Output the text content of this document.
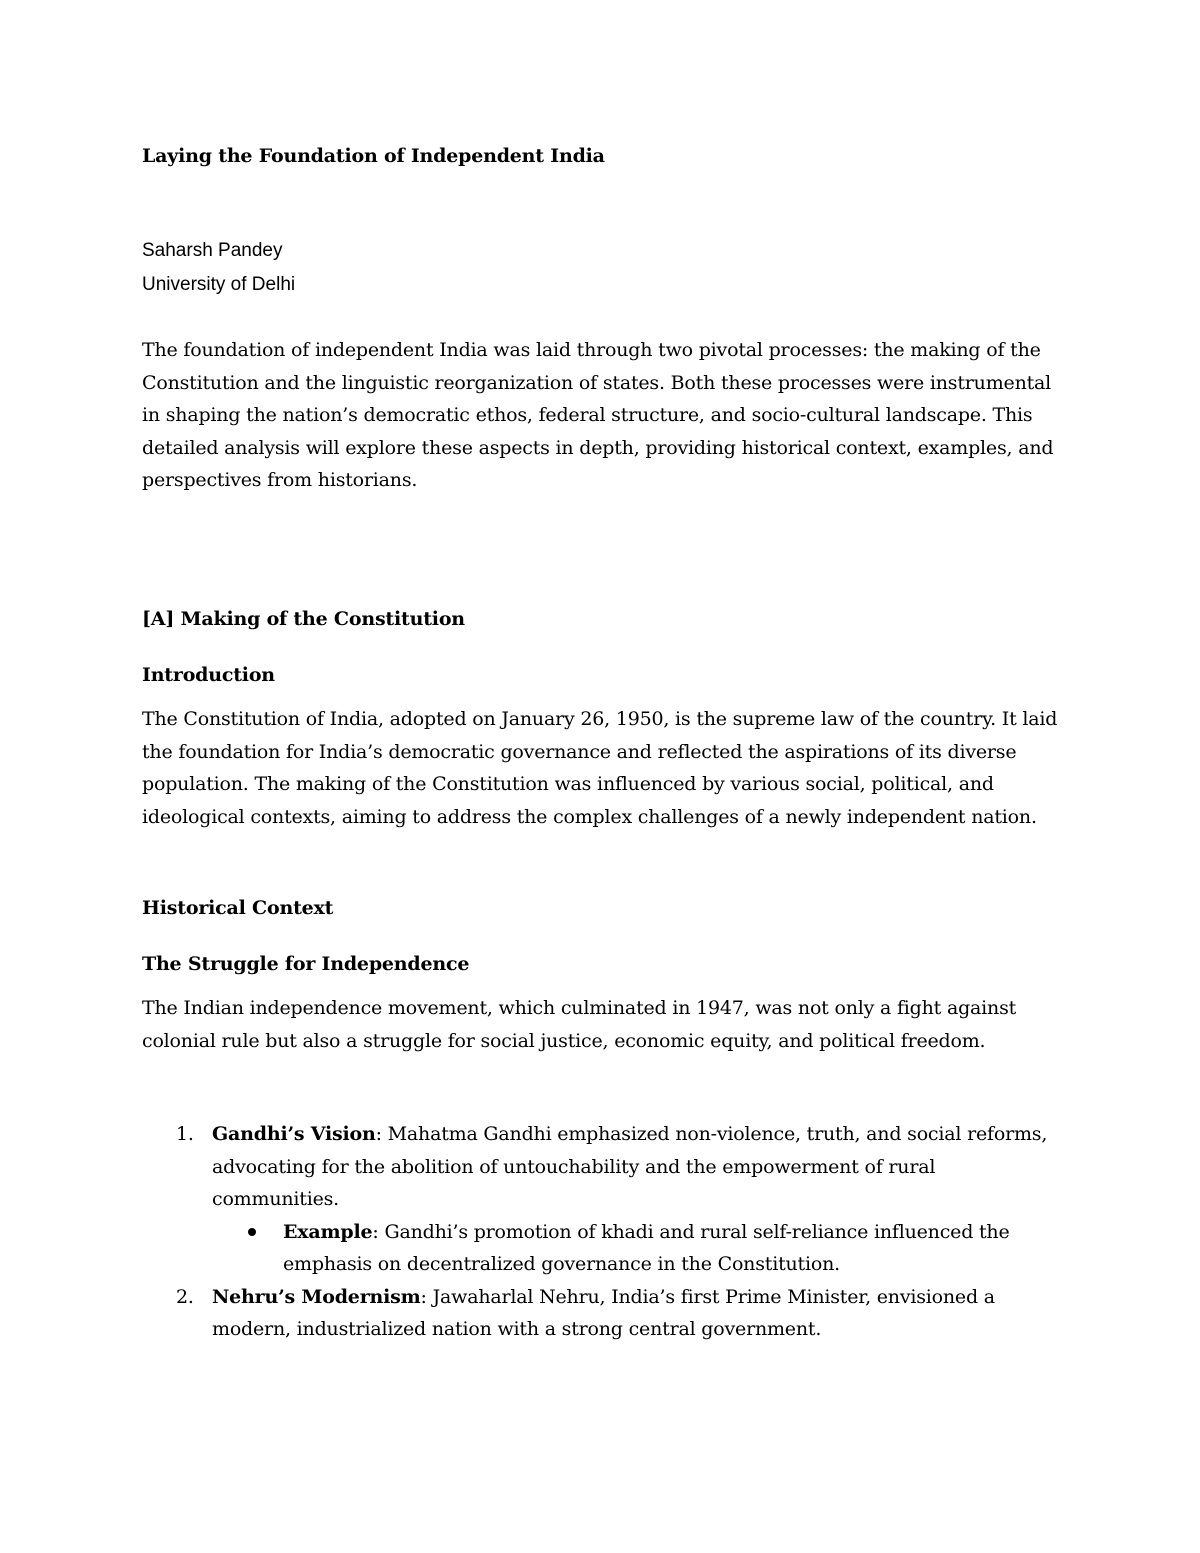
Laying the Foundation of Independent India
Saharsh Pandey
University of Delhi

The foundation of independent India was laid through two pivotal processes: the making of the Constitution and the linguistic reorganization of states. Both these processes were instrumental in shaping the nation’s democratic ethos, federal structure, and socio-cultural landscape. This detailed analysis will explore these aspects in depth, providing historical context, examples, and perspectives from historians.

[A] Making of the Constitution
Introduction

The Constitution of India, adopted on January 26, 1950, is the supreme law of the country. It laid the foundation for India’s democratic governance and reflected the aspirations of its diverse population. The making of the Constitution was influenced by various social, political, and ideological contexts, aiming to address the complex challenges of a newly independent nation.

Historical Context
The Struggle for Independence

The Indian independence movement, which culminated in 1947, was not only a fight against colonial rule but also a struggle for social justice, economic equity, and political freedom.

1. Gandhi’s Vision: Mahatma Gandhi emphasized non-violence, truth, and social reforms, advocating for the abolition of untouchability and the empowerment of rural communities.
Example: Gandhi’s promotion of khadi and rural self-reliance influenced the emphasis on decentralized governance in the Constitution.
2. Nehru’s Modernism: Jawaharlal Nehru, India’s first Prime Minister, envisioned a modern, industrialized nation with a strong central government.
